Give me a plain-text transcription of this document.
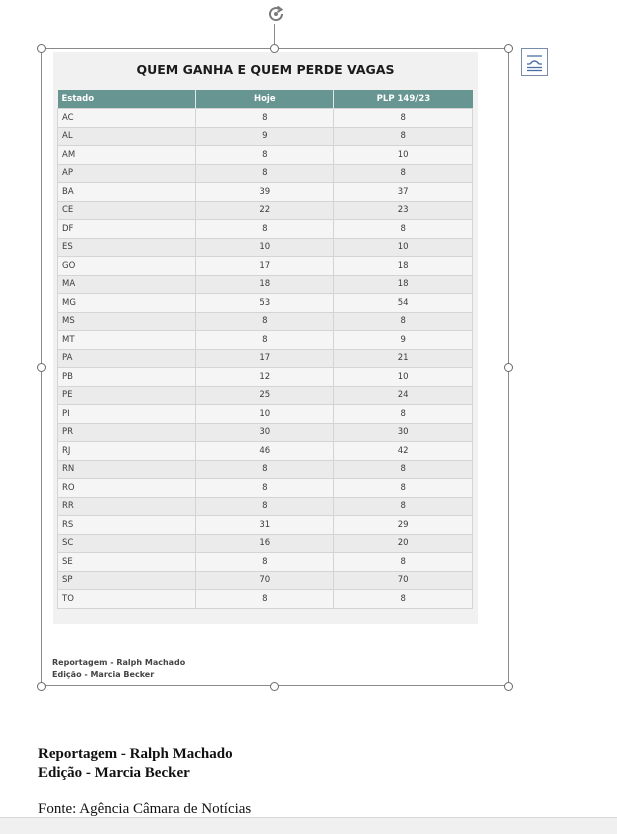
QUEM GANHA E QUEM PERDE VAGAS
Estado	Hoje	PLP 149/23
AC	8	8
AL	9	8
AM	8	10
AP	8	8
BA	39	37
CE	22	23
DF	8	8
ES	10	10
GO	17	18
MA	18	18
MG	53	54
MS	8	8
MT	8	9
PA	17	21
PB	12	10
PE	25	24
PI	10	8
PR	30	30
RJ	46	42
RN	8	8
RO	8	8
RR	8	8
RS	31	29
SC	16	20
SE	8	8
SP	70	70
TO	8	8
Reportagem - Ralph Machado
Edição - Marcia Becker
Reportagem - Ralph Machado
Edição - Marcia Becker
Fonte: Agência Câmara de Notícias
